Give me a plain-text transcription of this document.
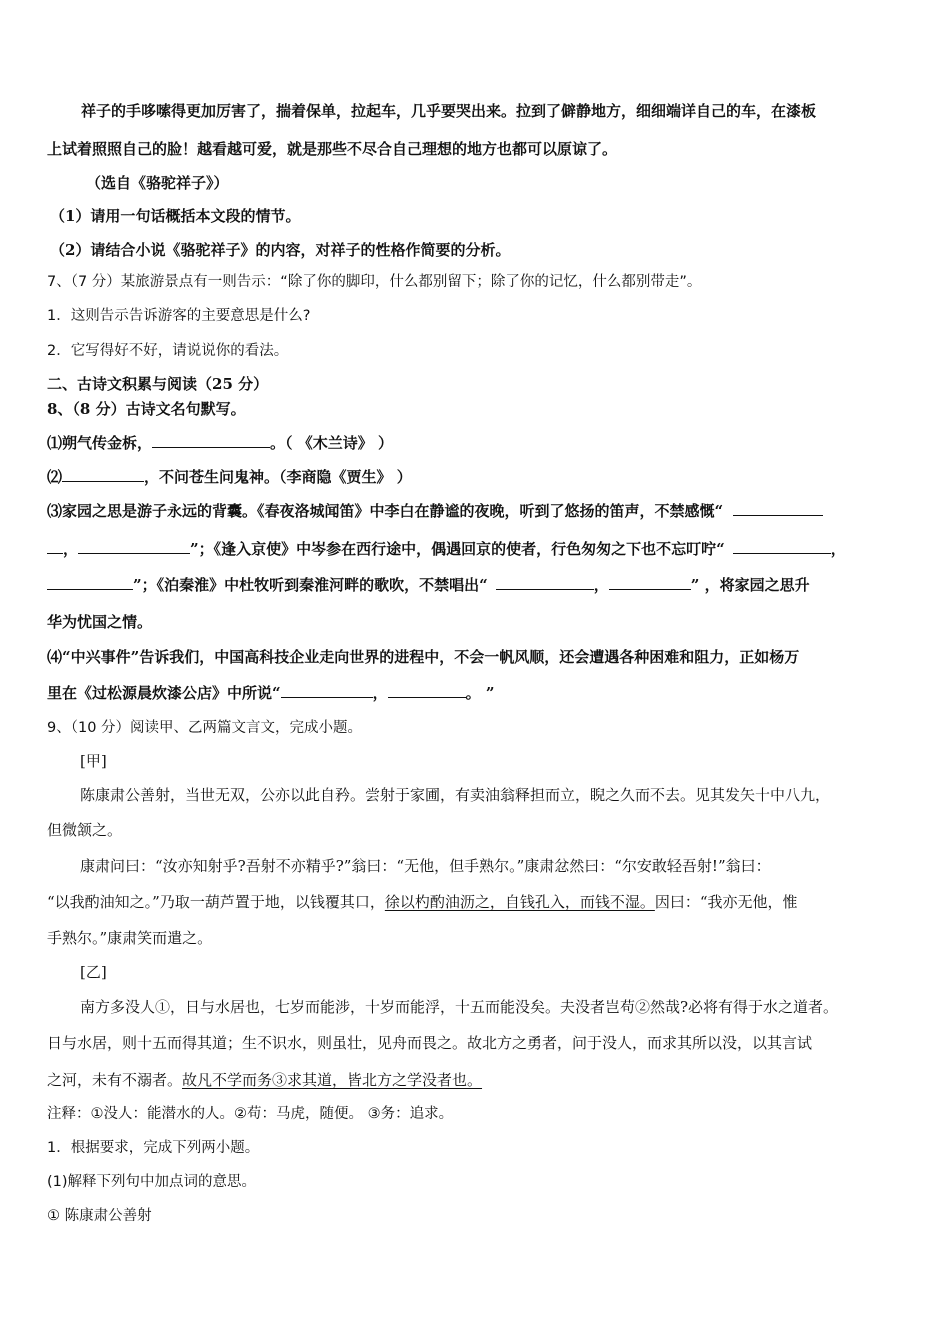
祥子的手哆嗦得更加厉害了，揣着保单，拉起车，几乎要哭出来。拉到了僻静地方，细细端详自己的车，在漆板
上试着照照自己的脸！越看越可爱，就是那些不尽合自己理想的地方也都可以原谅了。
（选自《骆驼祥子》）
（1）请用一句话概括本文段的情节。
（2）请结合小说《骆驼祥子》的内容，对祥子的性格作简要的分析。
7、（7 分）某旅游景点有一则告示：“除了你的脚印，什么都别留下；除了你的记忆，什么都别带走”。
1．这则告示告诉游客的主要意思是什么?
2．它写得好不好，请说说你的看法。
二、古诗文积累与阅读（25 分）
8、（8 分）古诗文名句默写。
⑴朔气传金柝，	。（ 《木兰诗》 ）
⑵	，不问苍生问鬼神。（李商隐《贾生》 ）
⑶家园之思是游子永远的背囊。《春夜洛城闻笛》中李白在静谧的夜晚，听到了悠扬的笛声，不禁感慨“
，	”；《逢入京使》中岑参在西行途中，偶遇回京的使者，行色匆匆之下也不忘叮咛“	，
”；《泊秦淮》中杜牧听到秦淮河畔的歌吹，不禁唱出“	，	” ，将家园之思升
华为忧国之情。
⑷“中兴事件”告诉我们，中国高科技企业走向世界的进程中，不会一帆风顺，还会遭遇各种困难和阻力，正如杨万
里在《过松源晨炊漆公店》中所说“	，	。 ”
9、（10 分）阅读甲、乙两篇文言文，完成小题。
[甲]
陈康肃公善射，当世无双，公亦以此自矜。尝射于家圃，有卖油翁释担而立，睨之久而不去。见其发矢十中八九，
但微颔之。
康肃问曰：“汝亦知射乎?吾射不亦精乎?”翁曰：“无他，但手熟尔。”康肃忿然曰：“尔安敢轻吾射!”翁曰：
“以我酌油知之。”乃取一葫芦置于地，以钱覆其口，徐以杓酌油沥之，自钱孔入，而钱不湿。因曰：“我亦无他，惟
手熟尔。”康肃笑而遣之。
[乙]
南方多没人①，日与水居也，七岁而能涉，十岁而能浮，十五而能没矣。夫没者岂苟②然哉?必将有得于水之道者。
日与水居，则十五而得其道；生不识水，则虽壮，见舟而畏之。故北方之勇者，问于没人，而求其所以没，以其言试
之河，未有不溺者。故凡不学而务③求其道，皆北方之学没者也。
注释：①没人：能潜水的人。②苟：马虎，随便。 ③务：追求。
1．根据要求，完成下列两小题。
(1)解释下列句中加点词的意思。
① 陈康肃公善射
